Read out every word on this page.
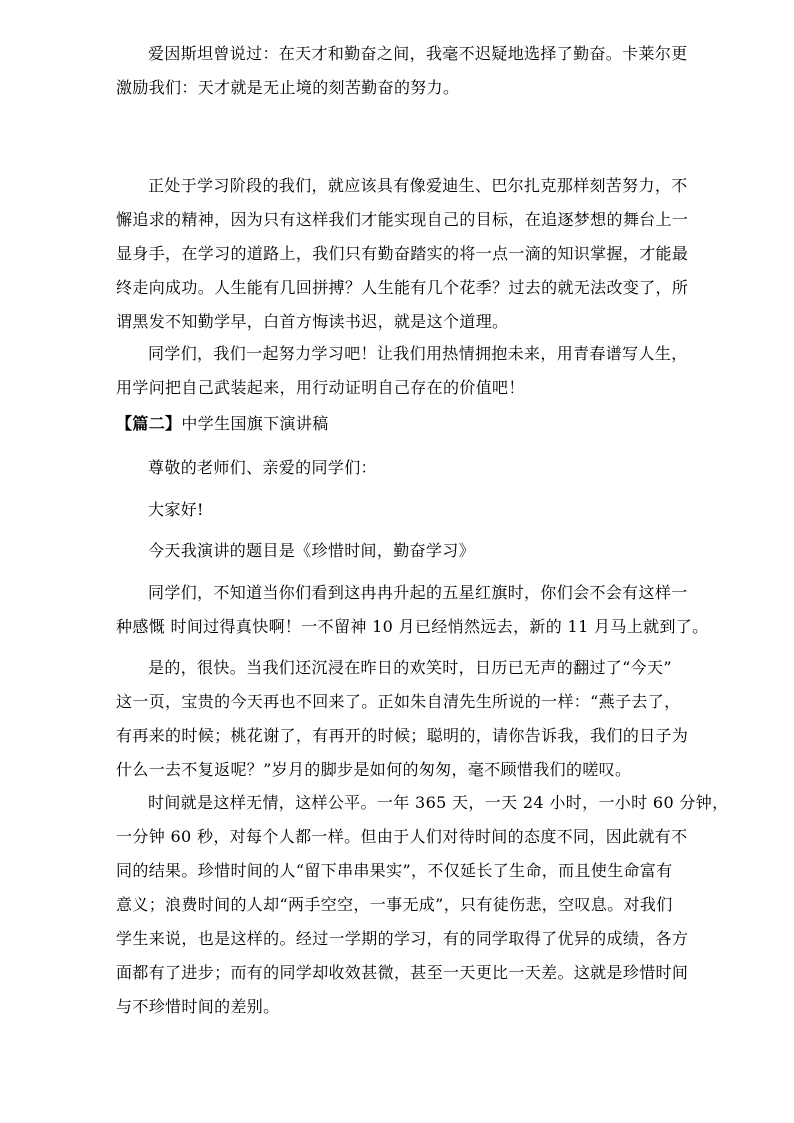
爱因斯坦曾说过：在天才和勤奋之间，我毫不迟疑地选择了勤奋。卡莱尔更
激励我们：天才就是无止境的刻苦勤奋的努力。
正处于学习阶段的我们，就应该具有像爱迪生、巴尔扎克那样刻苦努力，不
懈追求的精神，因为只有这样我们才能实现自己的目标，在追逐梦想的舞台上一
显身手，在学习的道路上，我们只有勤奋踏实的将一点一滴的知识掌握，才能最
终走向成功。人生能有几回拼搏？人生能有几个花季？过去的就无法改变了，所
谓黑发不知勤学早，白首方悔读书迟，就是这个道理。
同学们，我们一起努力学习吧！让我们用热情拥抱未来，用青春谱写人生，
用学问把自己武装起来，用行动证明自己存在的价值吧！
【篇二】中学生国旗下演讲稿
尊敬的老师们、亲爱的同学们：
大家好!
今天我演讲的题目是《珍惜时间，勤奋学习》
同学们，不知道当你们看到这冉冉升起的五星红旗时，你们会不会有这样一
种感慨 时间过得真快啊！一不留神 10 月已经悄然远去，新的 11 月马上就到了。
是的，很快。当我们还沉浸在昨日的欢笑时，日历已无声的翻过了“今天”
这一页，宝贵的今天再也不回来了。正如朱自清先生所说的一样：“燕子去了，
有再来的时候；桃花谢了，有再开的时候；聪明的，请你告诉我，我们的日子为
什么一去不复返呢？”岁月的脚步是如何的匆匆，毫不顾惜我们的嗟叹。
时间就是这样无情，这样公平。一年 365 天，一天 24 小时，一小时 60 分钟，
一分钟 60 秒，对每个人都一样。但由于人们对待时间的态度不同，因此就有不
同的结果。珍惜时间的人“留下串串果实”，不仅延长了生命，而且使生命富有
意义；浪费时间的人却“两手空空，一事无成”，只有徒伤悲，空叹息。对我们
学生来说，也是这样的。经过一学期的学习，有的同学取得了优异的成绩，各方
面都有了进步；而有的同学却收效甚微，甚至一天更比一天差。这就是珍惜时间
与不珍惜时间的差别。
